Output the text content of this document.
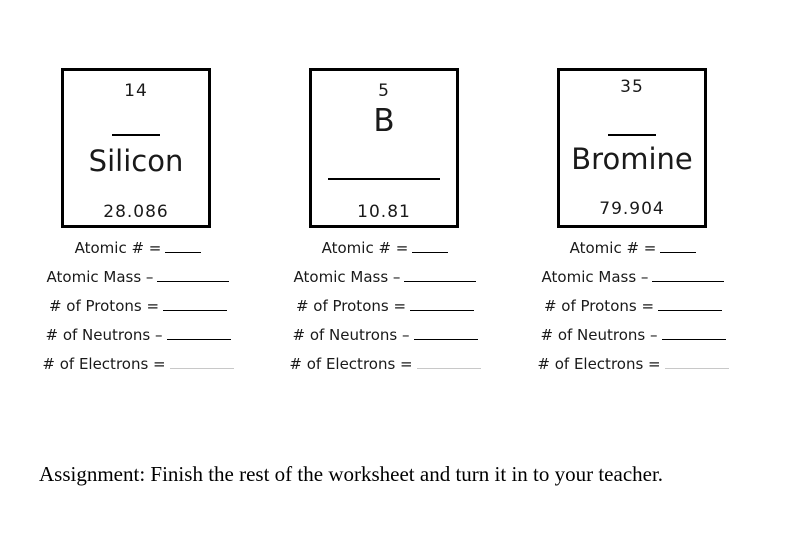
14
Silicon
28.086
5
B
10.81
35
Bromine
79.904
Atomic # =
Atomic Mass –
# of Protons =
# of Neutrons –
# of Electrons =
Atomic # =
Atomic Mass –
# of Protons =
# of Neutrons –
# of Electrons =
Atomic # =
Atomic Mass –
# of Protons =
# of Neutrons –
# of Electrons =
Assignment: Finish the rest of the worksheet and turn it in to your teacher.
